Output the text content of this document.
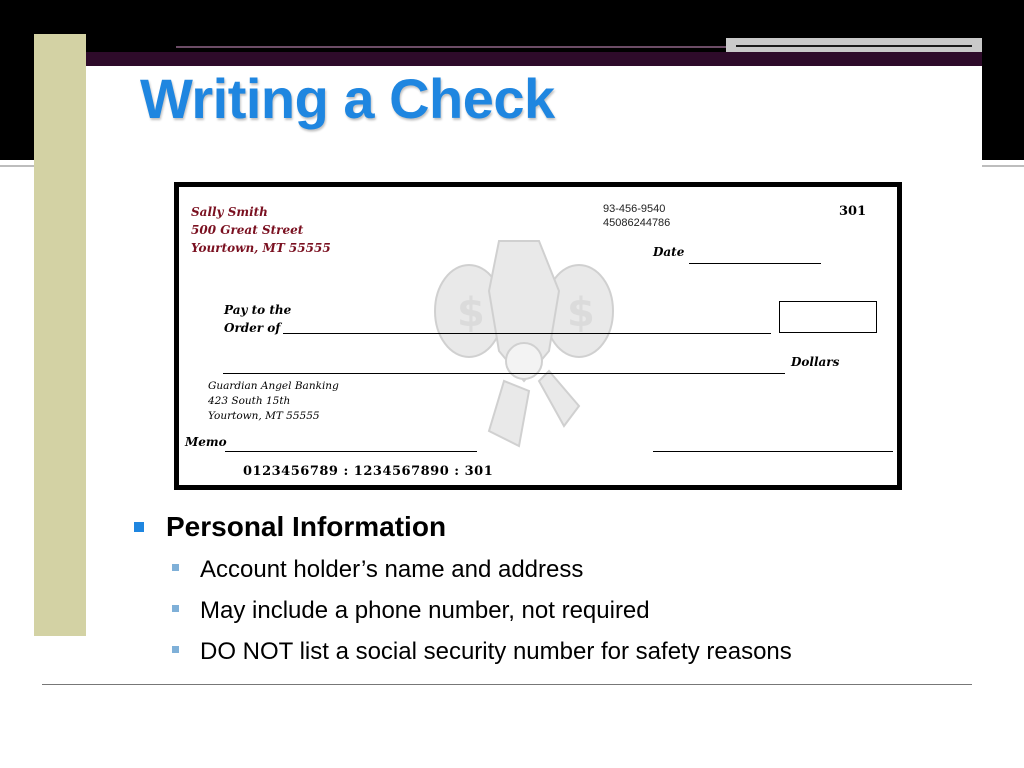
Writing a Check
$ $
Sally Smith
500 Great Street
Yourtown, MT 55555
93-456-9540
45086244786
301
Date
Pay to the
Order of
Dollars
Guardian Angel Banking
423 South 15th
Yourtown, MT 55555
Memo
0123456789 : 1234567890 : 301
Personal Information
Account holder’s name and address
May include a phone number, not required
DO NOT list a social security number for safety reasons
